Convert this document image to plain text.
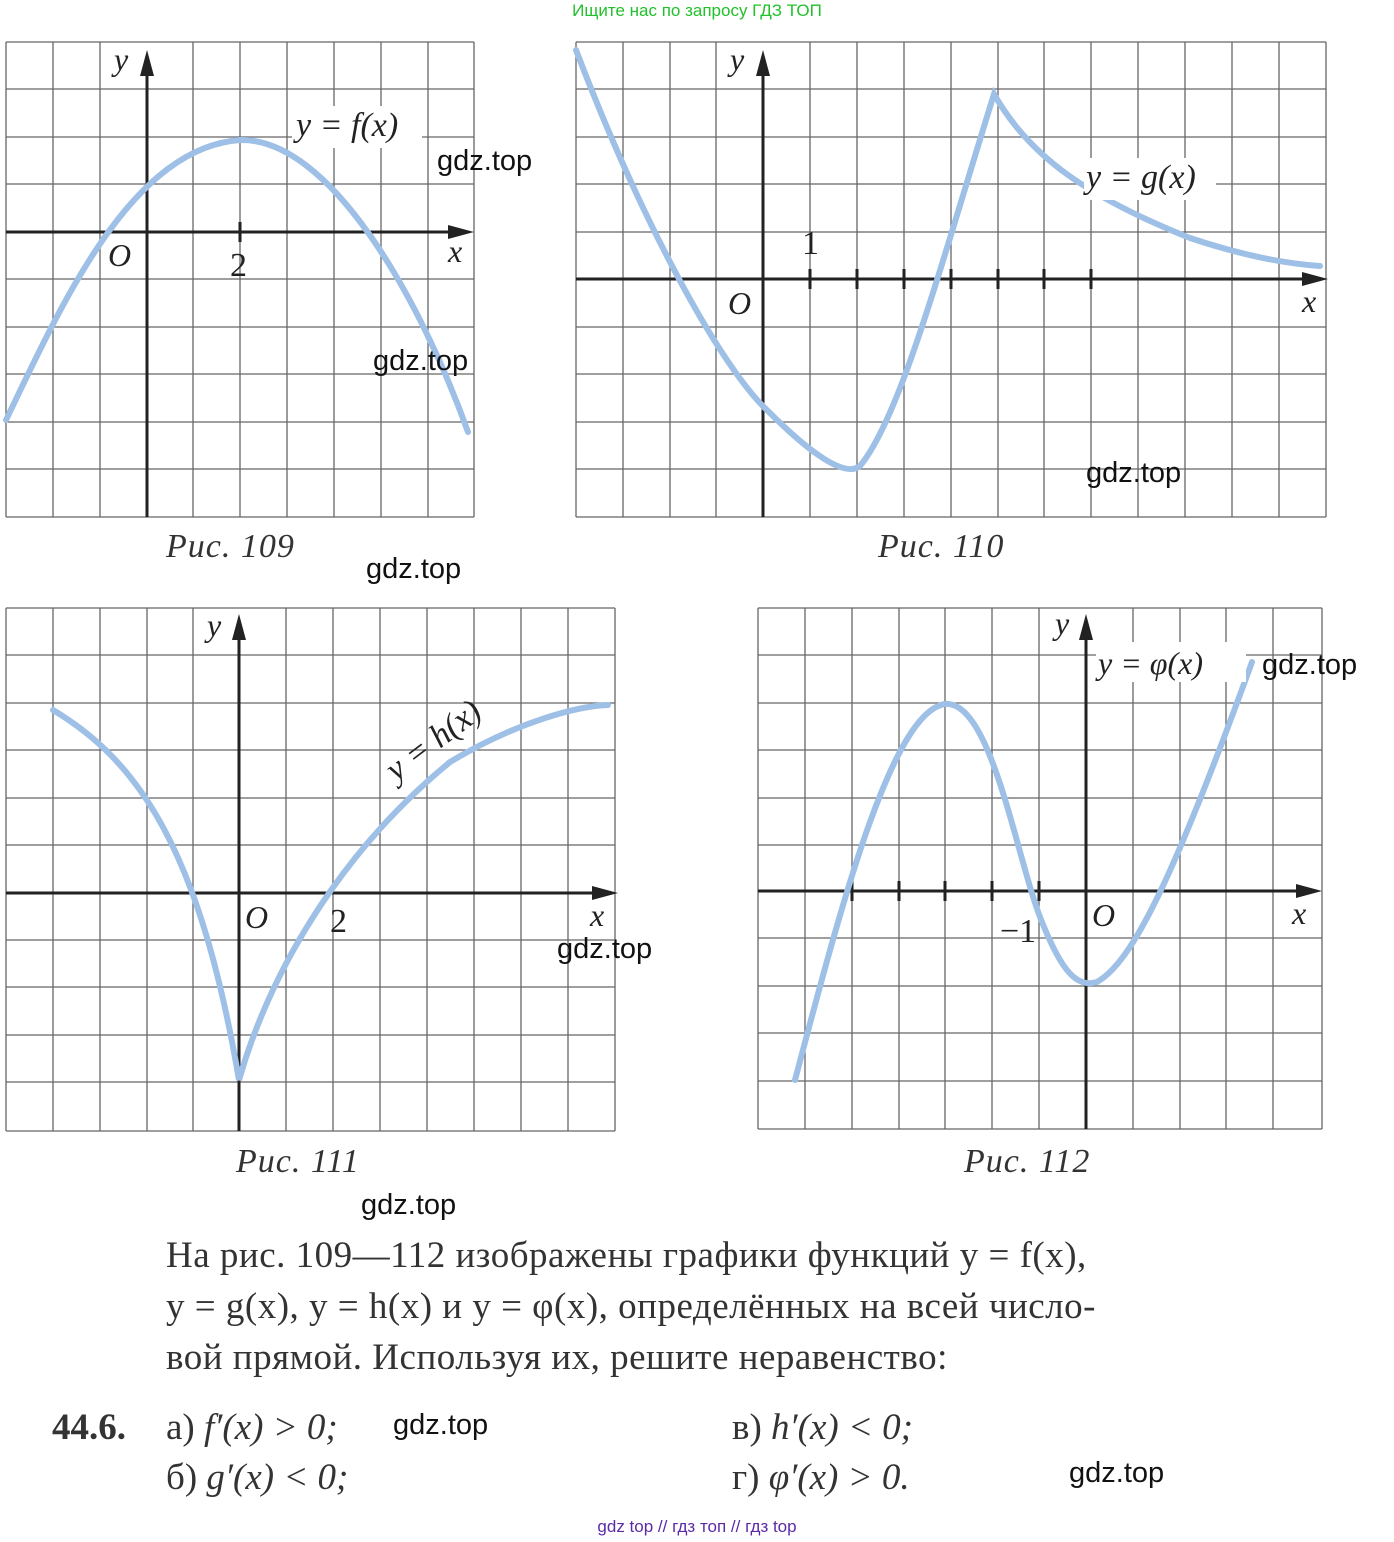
Ищите нас по запросу ГДЗ ТОП
y
x
O	2
y = f(x)
y
x
O
1
y = g(x)
y
x
O 2
y = h(x)
y
x
O
−1
y = φ(x)
Рис. 109	Рис. 110
Рис. 111	Рис. 112
gdz.top
gdz.top
gdz.top
gdz.top
gdz.top
gdz.top
gdz.top
gdz.top
gdz.top
На рис. 109—112 изображены графики функций y = f(x),
y = g(x), y = h(x) и y = φ(x), определённых на всей число-
вой прямой. Используя их, решите неравенство:
44.6. а) f′(x) > 0;
б) g′(x) < 0;
в) h′(x) < 0;
г) φ′(x) > 0.
gdz top // гдз топ // гдз top
